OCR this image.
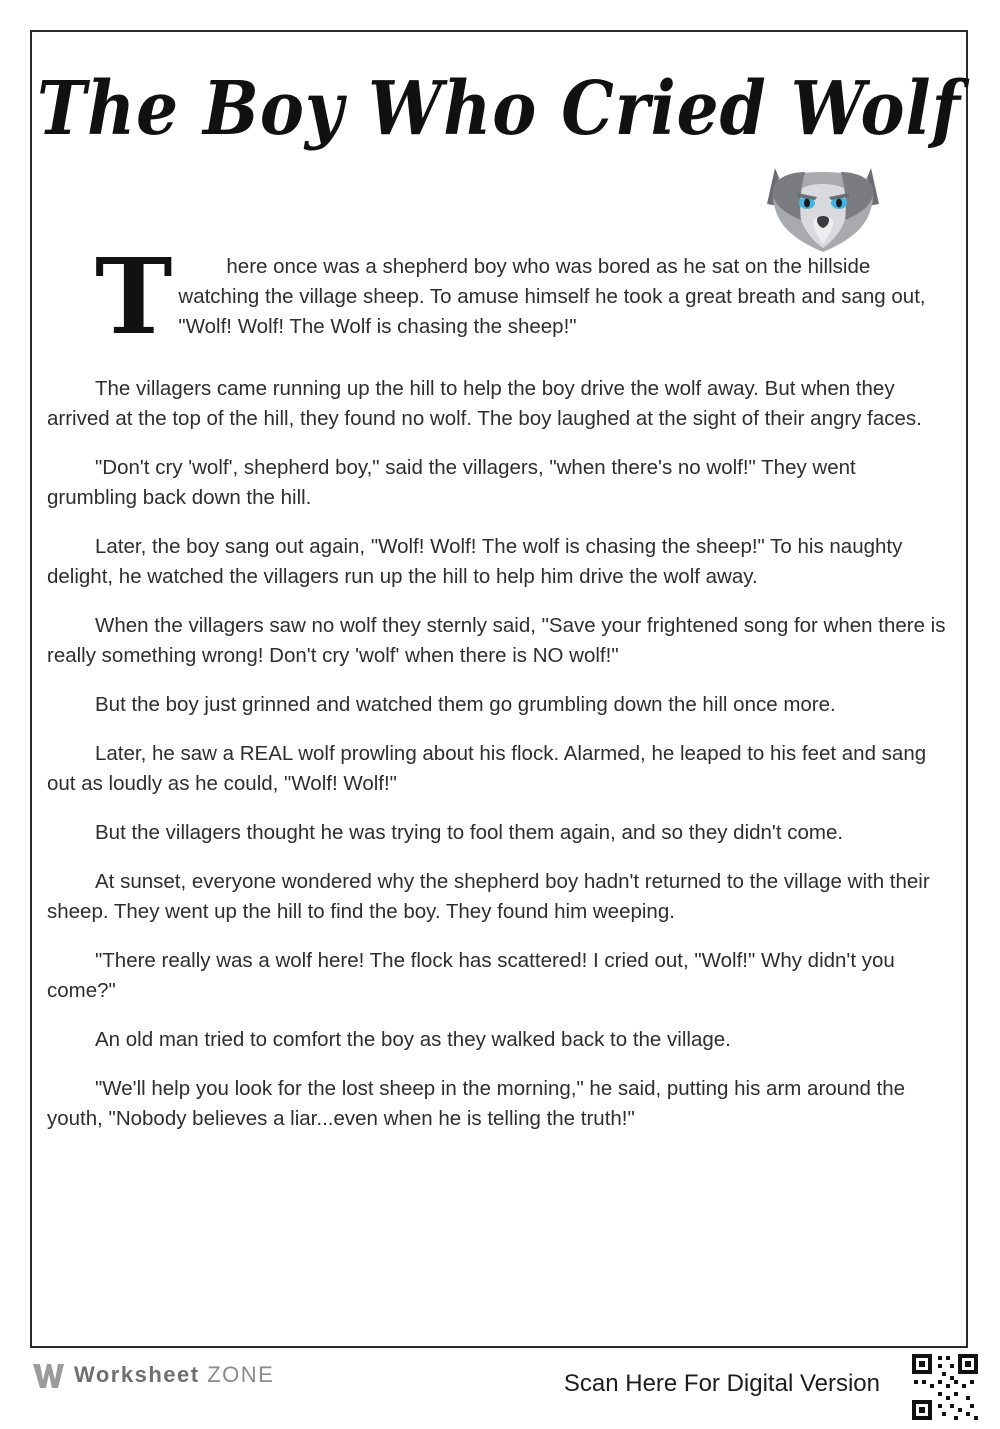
The Boy Who Cried Wolf

T	here once was a shepherd boy who was bored as he sat on the hillside watching the village sheep. To amuse himself he took a great breath and sang out, "Wolf! Wolf! The Wolf is chasing the sheep!"

The villagers came running up the hill to help the boy drive the wolf away. But when they arrived at the top of the hill, they found no wolf. The boy laughed at the sight of their angry faces.

"Don't cry 'wolf', shepherd boy," said the villagers, "when there's no wolf!" They went grumbling back down the hill.

Later, the boy sang out again, "Wolf! Wolf! The wolf is chasing the sheep!" To his naughty delight, he watched the villagers run up the hill to help him drive the wolf away.

When the villagers saw no wolf they sternly said, "Save your frightened song for when there is really something wrong! Don't cry 'wolf' when there is NO wolf!"

But the boy just grinned and watched them go grumbling down the hill once more.

Later, he saw a REAL wolf prowling about his flock. Alarmed, he leaped to his feet and sang out as loudly as he could, "Wolf! Wolf!"

But the villagers thought he was trying to fool them again, and so they didn't come.

At sunset, everyone wondered why the shepherd boy hadn't returned to the village with their sheep. They went up the hill to find the boy. They found him weeping.

"There really was a wolf here! The flock has scattered! I cried out, "Wolf!" Why didn't you come?"

An old man tried to comfort the boy as they walked back to the village.

"We'll help you look for the lost sheep in the morning," he said, putting his arm around the youth, "Nobody believes a liar...even when he is telling the truth!"

Worksheet ZONE	Scan Here For Digital Version
